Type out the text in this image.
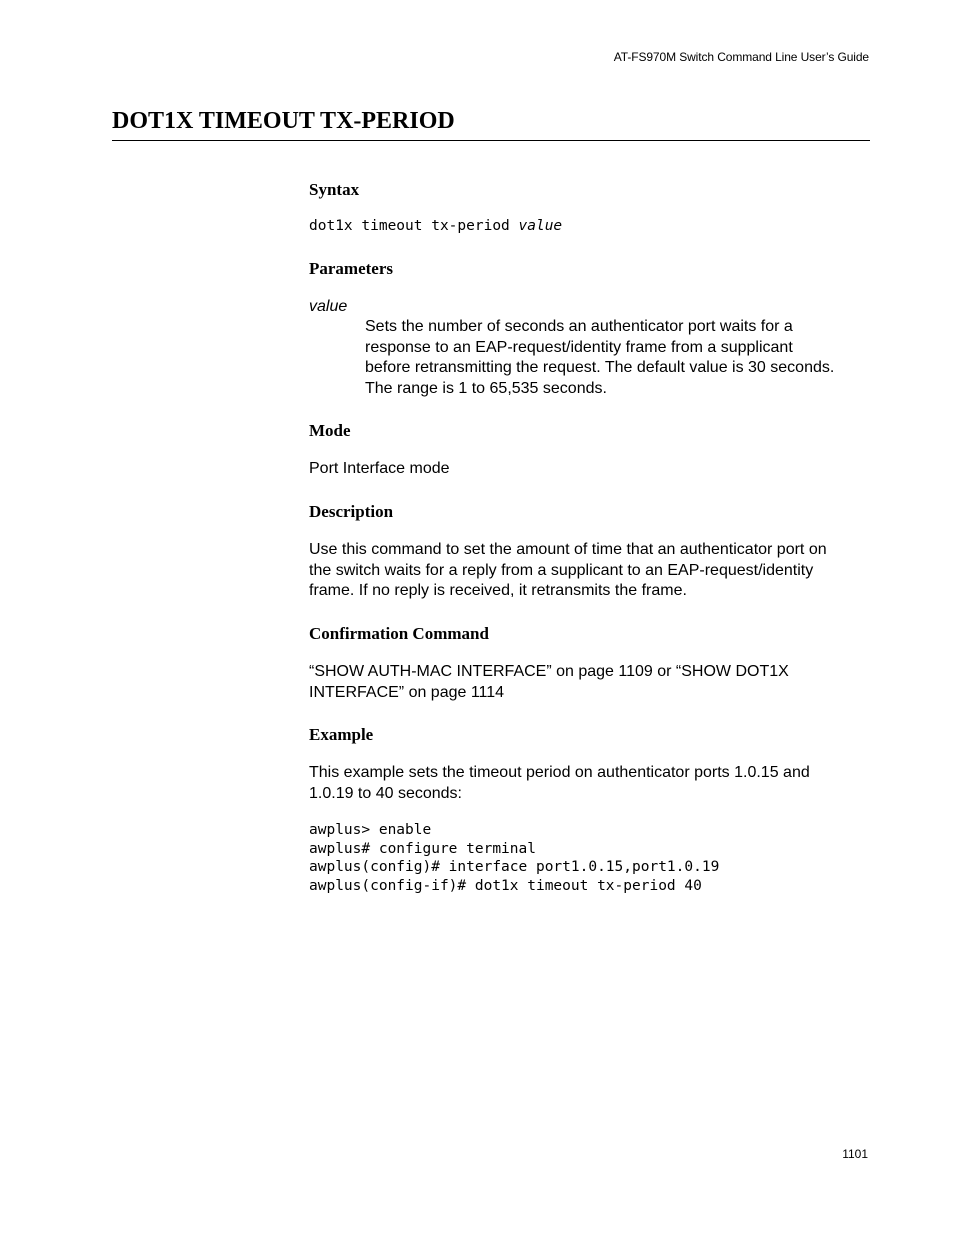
AT-FS970M Switch Command Line User’s Guide
DOT1X TIMEOUT TX-PERIOD
Syntax
dot1x timeout tx-period value
Parameters
value
Sets the number of seconds an authenticator port waits for a
response to an EAP-request/identity frame from a supplicant
before retransmitting the request. The default value is 30 seconds.
The range is 1 to 65,535 seconds.
Mode
Port Interface mode
Description
Use this command to set the amount of time that an authenticator port on
the switch waits for a reply from a supplicant to an EAP-request/identity
frame. If no reply is received, it retransmits the frame.
Confirmation Command
“SHOW AUTH-MAC INTERFACE” on page 1109 or “SHOW DOT1X
INTERFACE” on page 1114
Example
This example sets the timeout period on authenticator ports 1.0.15 and
1.0.19 to 40 seconds:
awplus> enable
awplus# configure terminal
awplus(config)# interface port1.0.15,port1.0.19
awplus(config-if)# dot1x timeout tx-period 40
1101
